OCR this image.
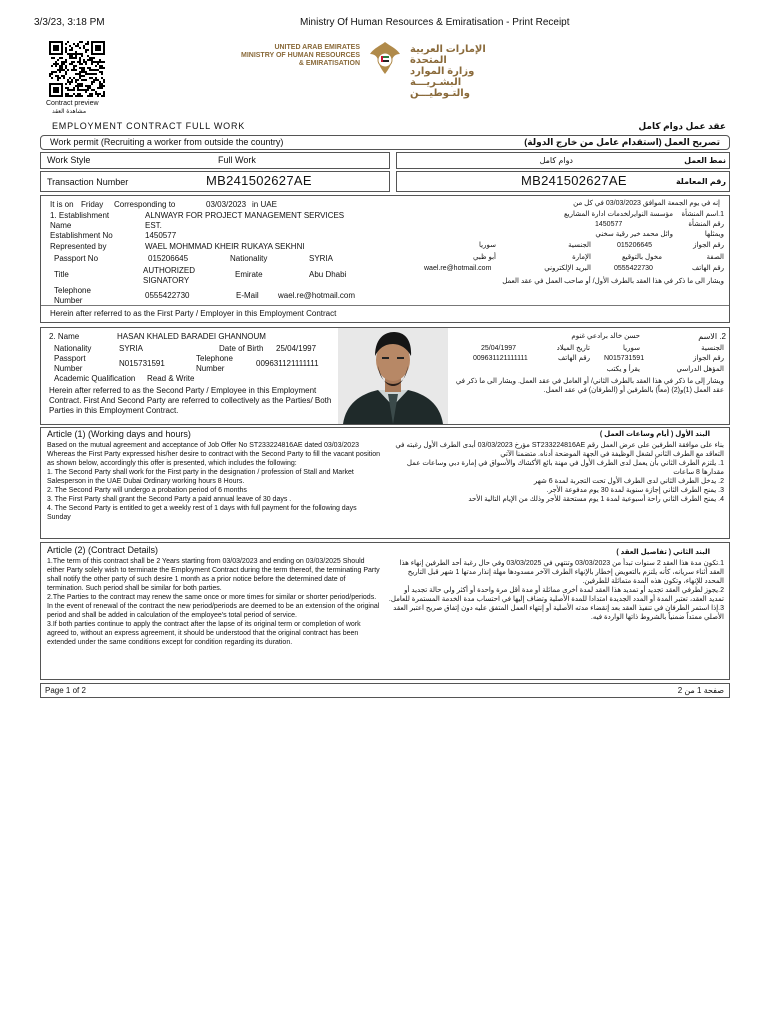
3/3/23, 3:18 PM	Ministry Of Human Resources & Emiratisation - Print Receipt
Contract preview
مشاهدة العقد
UNITED ARAB EMIRATES
MINISTRY OF HUMAN RESOURCES
& EMIRATISATION
الإمارات العربية المتحدة
وزارة الموارد البشـريـــة
والتـوطيـــن
EMPLOYMENT CONTRACT FULL WORK	عقد عمل دوام كامل
Work permit (Recruiting a worker from outside the country)	تصريح العمل (استقدام عامل من خارج الدولة)
Work Style	Full Work	دوام كامل	نمط العمل
Transaction Number	MB241502627AE	MB241502627AE	رقم المعاملة
It is on Friday Corresponding to	03/03/2023 in UAE
1. Establishment Name
ALNWAYR FOR PROJECT MANAGEMENT SERVICES EST.
Establishment No	1450577
Represented by	WAEL MOHMMAD KHEIR RUKAYA SEKHNI
Passport No	015206645	Nationality	SYRIA
Title	AUTHORIZED SIGNATORY
Emirate	Abu Dhabi
Telephone Number
0555422730	E-Mail wael.re@hotmail.com
Herein after referred to as the First Party / Employer in this Employment Contract
إنه في يوم الجمعة الموافق 03/03/2023 في كل من
1.اسم المنشأة
مؤسسة النوايرلخدمات ادارة المشاريع
رقم المنشأة
1450577
ويمثلها
وائل محمد خير رقية سخني
رقم الجواز
015206645
الجنسية
سوريا
الصفة
مخول بالتوقيع
الإمارة
أبو ظبي
رقم الهاتف
0555422730
البريد الإلكتروني
wael.re@hotmail.com
ويشار الى ما ذكر في هذا العقد بالطرف الأول/ أو صاحب العمل في عقد العمل
2. Name	HASAN KHALED BARADEI GHANNOUM
Nationality	SYRIA	Date of Birth 25/04/1997
Passport Number
N015731591
Telephone Number
009631121111111
Academic Qualification Read & Write
Herein after referred to as the Second Party / Employee in this Employment Contract. First And Second Party are referred to collectively as the Parties/ Both Parties in this Employment Contract.
2. الاسم
حسن خالد برادعي غنوم
الجنسية
سوريا
تاريخ الميلاد
25/04/1997
رقم الجواز
N015731591
رقم الهاتف
009631121111111
المؤهل الدراسي
يقرأ و يكتب
ويشار إلى ما ذكر في هذا العقد بالطرف الثاني/ أو العامل في عقد العمل. ويشار الى ما ذكر في عقد العمل (1)و(2) (معاً) بالطرفين أو (الطرفان) في عقد العمل.
Article (1) (Working days and hours)
Based on the mutual agreement and acceptance of Job Offer No ST233224816AE dated 03/03/2023 Whereas the First Party expressed his/her desire to contract with the Second Party to fill the vacant position as shown below, accordingly this offer is presented, which includes the following:
1. The Second Party shall work for the First party in the designation / profession of Stall and Market Salesperson in the UAE Dubai Ordinary working hours 8 Hours.
2. The Second Party will undergo a probation period of 6 months
3. The First Party shall grant the Second Party a paid annual leave of 30 days .
4. The Second Party is entitled to get a weekly rest of 1 days with full payment for the following days Sunday
البند الأول ( أيام وساعات العمل )
بناء على موافقة الطرفين على عرض العمل رقم ST233224816AE مؤرخ 03/03/2023 أبدى الطرف الأول رغبته في التعاقد مع الطرف الثاني لشغل الوظيفة في الجهة الموضحة أدناه. متضمنا الآتي
1. يلتزم الطرف الثاني بأن يعمل لدى الطرف الأول في مهنة بائع الأكشاك والأسواق في إمارة دبي وساعات عمل مقدارها 8 ساعات
2. يدخل الطرف الثاني لدى الطرف الأول تحت التجربة لمدة 6 شهر
3. يمنح الطرف الثاني إجازة سنوية لمدة 30 يوم مدفوعة الأجر.
4. يمنح الطرف الثاني راحة أسبوعية لمدة 1 يوم مستحقة للأجر وذلك من الإيام التالية الأحد
Article (2) (Contract Details)
1.The term of this contract shall be 2 Years starting from 03/03/2023 and ending on 03/03/2025 Should either Party solely wish to terminate the Employment Contract during the term thereof, the terminating Party shall notify the other party of such desire 1 month as a prior notice before the determined date of termination. Such period shall be similar for both parties.
2.The Parties to the contract may renew the same once or more times for similar or shorter period/periods. In the event of renewal of the contract the new period/periods are deemed to be an extension of the original period and shall be added in calculation of the employee's total period of service.
3.If both parties continue to apply the contract after the lapse of its original term or completion of work agreed to, without an express agreement, it should be understood that the original contract has been extended under the same conditions except for condition regarding its duration.
البند الثاني ( تفاصيل العقد )
1.تكون مدة هذا العقد 2 سنوات تبدأ من 03/03/2023 وتنتهي في 03/03/2025 وفي حال رغبة أحد الطرفين إنهاء هذا العقد أثناء سريانه، كأنه يلتزم بالتعويض إخطار بالإنهاء الطرف الآخر مسدودها مهلة إنذار مدتها 1 شهر قبل التاريخ المحدد للإنهاء، وتكون هذه المدة متماثلة للطرفين.
2.يجوز لطرفي العقد تجديد أو تمديد هذا العقد لمدة أخرى مماثلة أو مدة أقل مرة واحدة أو أكثر ولي حالة تجديد أو تمديد العقد، تعتبر المدة أو المدد الجديدة امتدادا للمدة الأصلية وتضاف إليها في احتساب مدة الخدمة المستمرة للعامل.
3.إذا استمر الطرفان في تنفيذ العقد بعد إنقضاء مدته الأصلية أو إنتهاء العمل المتفق عليه دون إتفاق صريح اعتبر العقد الأصلي ممتداً ضمنياً بالشروط ذاتها الواردة فيه.
Page 1 of 2	صفحة 1 من 2
